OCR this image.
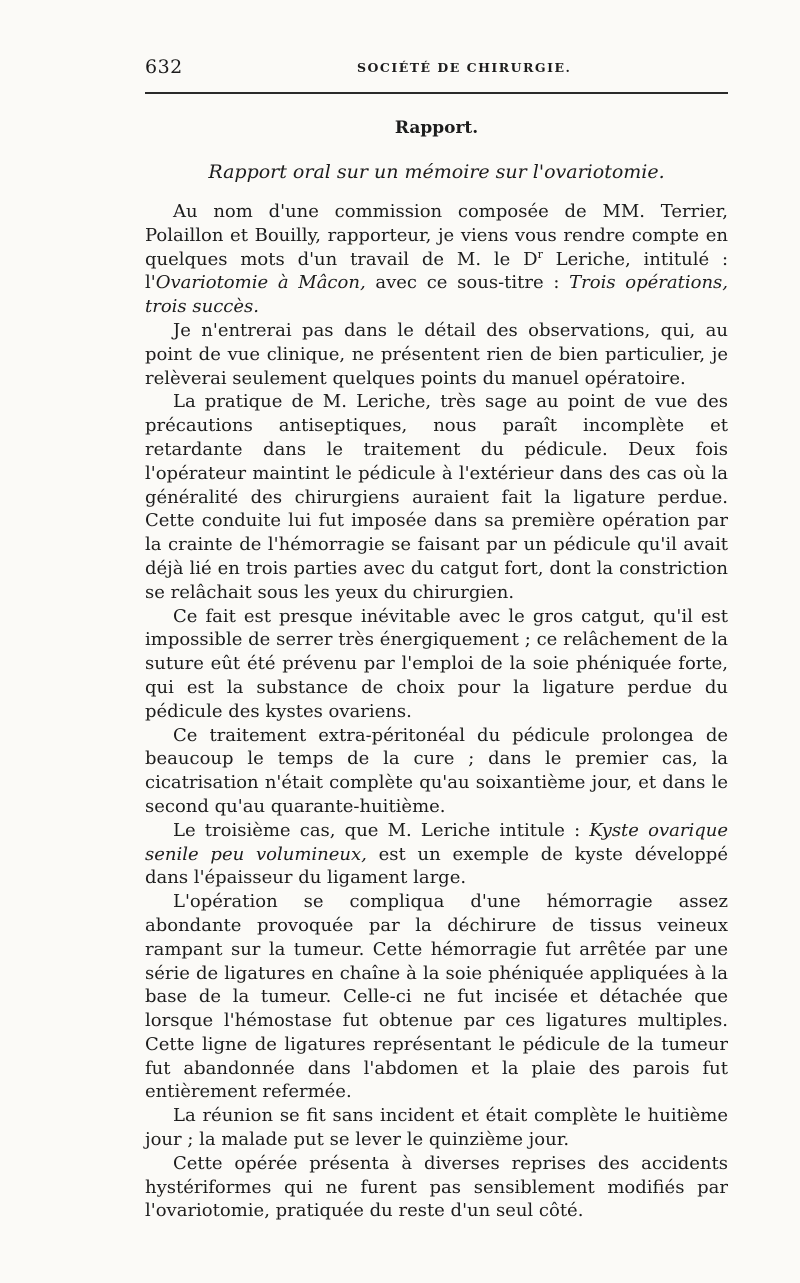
632	SOCIÉTÉ DE CHIRURGIE.
Rapport.
Rapport oral sur un mémoire sur l'ovariotomie.

Au nom d'une commission composée de MM. Terrier, Polaillon et Bouilly, rapporteur, je viens vous rendre compte en quelques mots d'un travail de M. le $D^r$ Leriche, intitulé : l'Ovariotomie à Mâcon, avec ce sous-titre : Trois opérations, trois succès.

Je n'entrerai pas dans le détail des observations, qui, au point de vue clinique, ne présentent rien de bien particulier, je relèverai seulement quelques points du manuel opératoire.

La pratique de M. Leriche, très sage au point de vue des précautions antiseptiques, nous paraît incomplète et retardante dans le traitement du pédicule. Deux fois l'opérateur maintint le pédicule à l'extérieur dans des cas où la généralité des chirurgiens auraient fait la ligature perdue. Cette conduite lui fut imposée dans sa première opération par la crainte de l'hémorragie se faisant par un pédicule qu'il avait déjà lié en trois parties avec du catgut fort, dont la constriction se relâchait sous les yeux du chirurgien.

Ce fait est presque inévitable avec le gros catgut, qu'il est impossible de serrer très énergiquement ; ce relâchement de la suture eût été prévenu par l'emploi de la soie phéniquée forte, qui est la substance de choix pour la ligature perdue du pédicule des kystes ovariens.

Ce traitement extra-péritonéal du pédicule prolongea de beaucoup le temps de la cure ; dans le premier cas, la cicatrisation n'était complète qu'au soixantième jour, et dans le second qu'au quarante-huitième.

Le troisième cas, que M. Leriche intitule : Kyste ovarique senile peu volumineux, est un exemple de kyste développé dans l'épaisseur du ligament large.

L'opération se compliqua d'une hémorragie assez abondante provoquée par la déchirure de tissus veineux rampant sur la tumeur. Cette hémorragie fut arrêtée par une série de ligatures en chaîne à la soie phéniquée appliquées à la base de la tumeur. Celle-ci ne fut incisée et détachée que lorsque l'hémostase fut obtenue par ces ligatures multiples. Cette ligne de ligatures représentant le pédicule de la tumeur fut abandonnée dans l'abdomen et la plaie des parois fut entièrement refermée.

La réunion se fit sans incident et était complète le huitième jour ; la malade put se lever le quinzième jour.

Cette opérée présenta à diverses reprises des accidents hystériformes qui ne furent pas sensiblement modifiés par l'ovariotomie, pratiquée du reste d'un seul côté.
